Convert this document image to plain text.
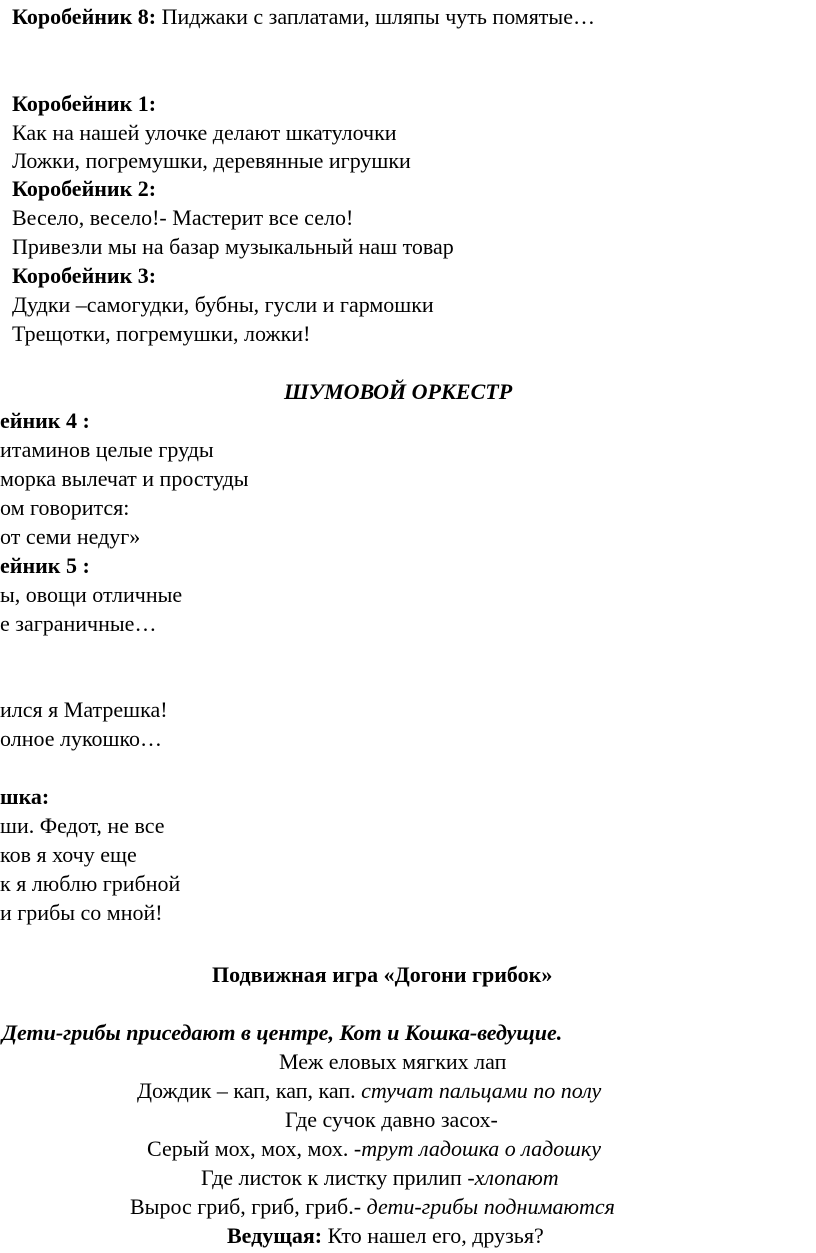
Коробейник 8: Пиджаки с заплатами, шляпы чуть помятые…
Коробейник 1:
Как на нашей улочке делают шкатулочки
Ложки, погремушки, деревянные игрушки
Коробейник 2:
Весело, весело!- Мастерит все село!
Привезли мы на базар музыкальный наш товар
Коробейник 3:
Дудки –самогудки, бубны, гусли и гармошки
Трещотки, погремушки, ложки!
ШУМОВОЙ ОРКЕСТР
ейник 4 :
итаминов целые груды
морка вылечат и простуды
ом говорится:
от семи недуг»
ейник 5 :
ы, овощи отличные
е заграничные…
ился я Матрешка!
олное лукошко…
шка:
ши. Федот, не все
ков я хочу еще
к я люблю грибной
и грибы со мной!
Подвижная игра «Догони грибок»
Дети-грибы приседают в центре, Кот и Кошка-ведущие.
Меж еловых мягких лап
Дождик – кап, кап, кап. стучат пальцами по полу
Где сучок давно засох-
Серый мох, мох, мох. -трут ладошка о ладошку
Где листок к листку прилип -хлопают
Вырос гриб, гриб, гриб.- дети-грибы поднимаются
Ведущая: Кто нашел его, друзья?
